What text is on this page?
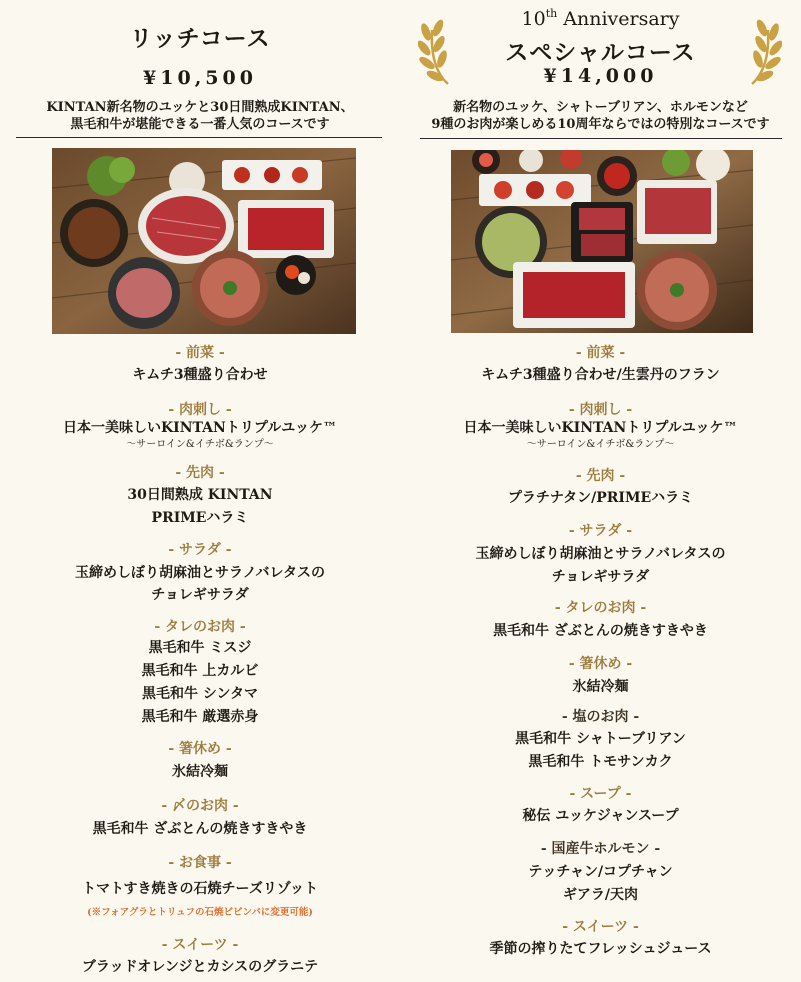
リッチコース
¥10,500
KINTAN新名物のユッケと30日間熟成KINTAN、
黒毛和牛が堪能できる一番人気のコースです
- 前菜 -
キムチ3種盛り合わせ
- 肉刺し -
日本一美味しいKINTANトリプルユッケ™
～サーロイン&イチボ&ランプ～
- 先肉 -
30日間熟成 KINTAN
PRIMEハラミ
- サラダ -
玉締めしぼり胡麻油とサラノバレタスの
チョレギサラダ
- タレのお肉 -
黒毛和牛 ミスジ
黒毛和牛 上カルビ
黒毛和牛 シンタマ
黒毛和牛 厳選赤身
- 箸休め -
氷結冷麺
- 〆のお肉 -
黒毛和牛 ざぶとんの焼きすきやき
- お食事 -
トマトすき焼きの石焼チーズリゾット
(※フォアグラとトリュフの石焼ビビンバに変更可能)
- スイーツ -
ブラッドオレンジとカシスのグラニテ
10th Anniversary
スペシャルコース
¥14,000
新名物のユッケ、シャトーブリアン、ホルモンなど
9種のお肉が楽しめる10周年ならではの特別なコースです
- 前菜 -
キムチ3種盛り合わせ/生雲丹のフラン
- 肉刺し -
日本一美味しいKINTANトリプルユッケ™
～サーロイン&イチボ&ランプ～
- 先肉 -
プラチナタン/PRIMEハラミ
- サラダ -
玉締めしぼり胡麻油とサラノバレタスの
チョレギサラダ
- タレのお肉 -
黒毛和牛 ざぶとんの焼きすきやき
- 箸休め -
氷結冷麺
- 塩のお肉 -
黒毛和牛 シャトーブリアン
黒毛和牛 トモサンカク
- スープ -
秘伝 ユッケジャンスープ
- 国産牛ホルモン -
テッチャン/コプチャン
ギアラ/天肉
- スイーツ -
季節の搾りたてフレッシュジュース
